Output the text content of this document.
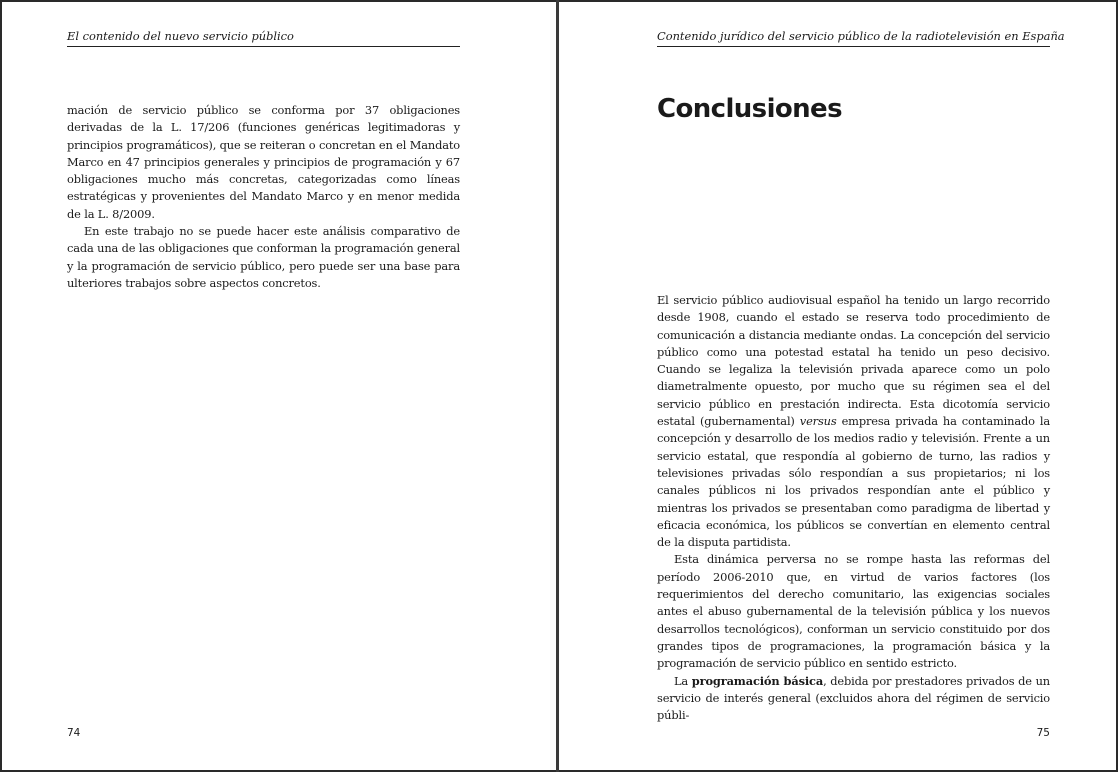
El contenido del nuevo servicio público

mación de servicio público se conforma por 37 obligaciones derivadas de la L. 17/206 (funciones genéricas legitimadoras y principios programáticos), que se reiteran o concretan en el Mandato Marco en 47 principios generales y principios de programación y 67 obligaciones mucho más concretas, categorizadas como líneas estratégicas y provenientes del Mandato Marco y en menor medida de la L. 8/2009.

En este trabajo no se puede hacer este análisis comparativo de cada una de las obligaciones que conforman la programación general y la programación de servicio público, pero puede ser una base para ulteriores trabajos sobre aspectos concretos.

74
Contenido jurídico del servicio público de la radiotelevisión en España
Conclusiones

El servicio público audiovisual español ha tenido un largo recorrido desde 1908, cuando el estado se reserva todo procedimiento de comunicación a distancia mediante ondas. La concepción del servicio público como una potestad estatal ha tenido un peso decisivo. Cuando se legaliza la televisión privada aparece como un polo diametralmente opuesto, por mucho que su régimen sea el del servicio público en prestación indirecta. Esta dicotomía servicio estatal (gubernamental) versus empresa privada ha contaminado la concepción y desarrollo de los medios radio y televisión. Frente a un servicio estatal, que respondía al gobierno de turno, las radios y televisiones privadas sólo respondían a sus propietarios; ni los canales públicos ni los privados respondían ante el público y mientras los privados se presentaban como paradigma de libertad y eficacia económica, los públicos se convertían en elemento central de la disputa partidista.

Esta dinámica perversa no se rompe hasta las reformas del período 2006-2010 que, en virtud de varios factores (los requerimientos del derecho comunitario, las exigencias sociales antes el abuso gubernamental de la televisión pública y los nuevos desarrollos tecnológicos), conforman un servicio constituido por dos grandes tipos de programaciones, la programación básica y la programación de servicio público en sentido estricto.

La programación básica, debida por prestadores privados de un servicio de interés general (excluidos ahora del régimen de servicio públi-

75
